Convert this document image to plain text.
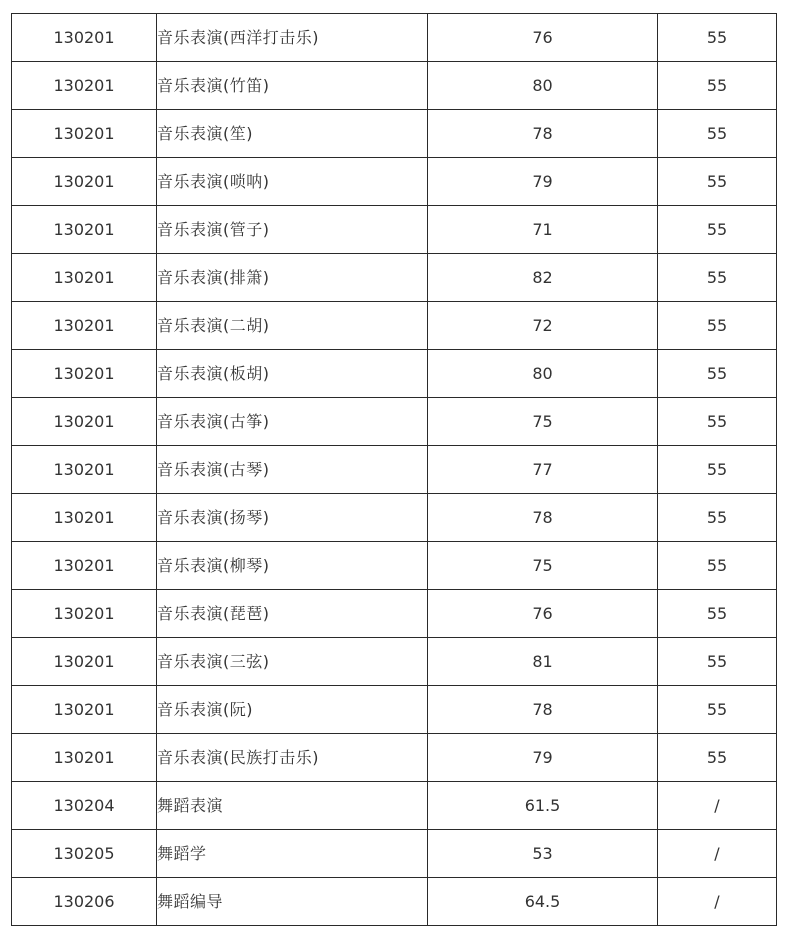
130201	音乐表演(西洋打击乐)	76	55
130201	音乐表演(竹笛)	80	55
130201	音乐表演(笙)	78	55
130201	音乐表演(唢呐)	79	55
130201	音乐表演(管子)	71	55
130201	音乐表演(排箫)	82	55
130201	音乐表演(二胡)	72	55
130201	音乐表演(板胡)	80	55
130201	音乐表演(古筝)	75	55
130201	音乐表演(古琴)	77	55
130201	音乐表演(扬琴)	78	55
130201	音乐表演(柳琴)	75	55
130201	音乐表演(琵琶)	76	55
130201	音乐表演(三弦)	81	55
130201	音乐表演(阮)	78	55
130201	音乐表演(民族打击乐)	79	55
130204	舞蹈表演	61.5	/
130205	舞蹈学	53	/
130206	舞蹈编导	64.5	/
